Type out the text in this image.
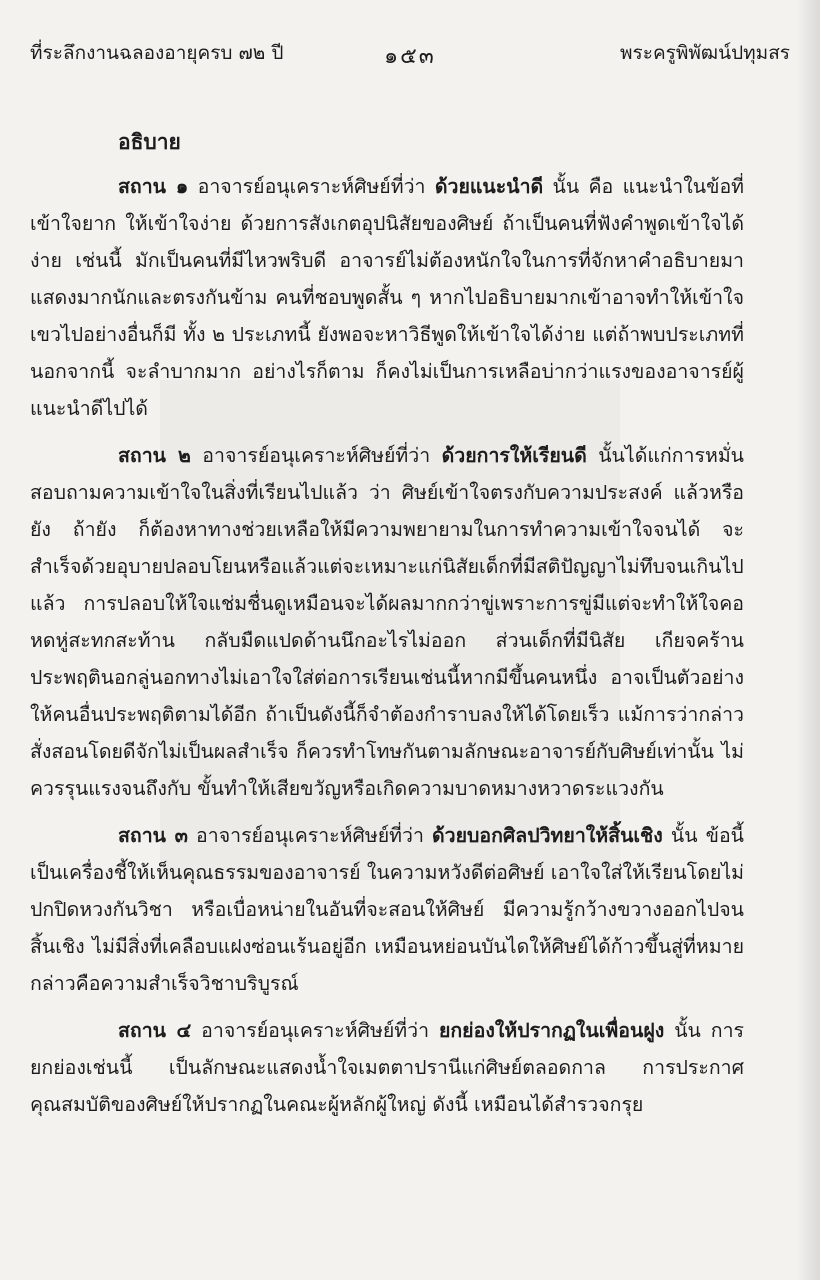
ที่ระลึกงานฉลองอายุครบ ๗๒ ปี	๑๕๓	พระครูพิพัฒน์ปทุมสร
อธิบาย

สถาน ๑ อาจารย์อนุเคราะห์ศิษย์ที่ว่า ด้วยแนะนำดี นั้น คือ แนะนำในข้อที่เข้าใจยาก ให้เข้าใจง่าย ด้วยการสังเกตอุปนิสัยของศิษย์ ถ้าเป็นคนที่ฟังคำพูดเข้าใจได้ง่าย เช่นนี้ มักเป็นคนที่มีไหวพริบดี อาจารย์ไม่ต้องหนักใจในการที่จักหาคำอธิบายมาแสดงมากนักและตรงกันข้าม คนที่ชอบพูดสั้น ๆ หากไปอธิบายมากเข้าอาจทำให้เข้าใจเขวไปอย่างอื่นก็มี ทั้ง ๒ ประเภทนี้ ยังพอจะหาวิธีพูดให้เข้าใจได้ง่าย แต่ถ้าพบประเภทที่นอกจากนี้ จะลำบากมาก อย่างไรก็ตาม ก็คงไม่เป็นการเหลือบ่ากว่าแรงของอาจารย์ผู้แนะนำดีไปได้

สถาน ๒ อาจารย์อนุเคราะห์ศิษย์ที่ว่า ด้วยการให้เรียนดี นั้นได้แก่การหมั่นสอบถามความเข้าใจในสิ่งที่เรียนไปแล้ว ว่า ศิษย์เข้าใจตรงกับความประสงค์ แล้วหรือยัง ถ้ายัง ก็ต้องหาทางช่วยเหลือให้มีความพยายามในการทำความเข้าใจจนได้ จะสำเร็จด้วยอุบายปลอบโยนหรือแล้วแต่จะเหมาะแก่นิสัยเด็กที่มีสติปัญญาไม่ทึบจนเกินไปแล้ว การปลอบให้ใจแช่มชื่นดูเหมือนจะได้ผลมากกว่าขู่เพราะการขู่มีแต่จะทำให้ใจคอหดหู่สะทกสะท้าน กลับมืดแปดด้านนึกอะไรไม่ออก ส่วนเด็กที่มีนิสัย เกียจคร้าน ประพฤตินอกลู่นอกทางไม่เอาใจใส่ต่อการเรียนเช่นนี้หากมีขึ้นคนหนึ่ง อาจเป็นตัวอย่างให้คนอื่นประพฤติตามได้อีก ถ้าเป็นดังนี้ก็จำต้องกำราบลงให้ได้โดยเร็ว แม้การว่ากล่าวสั่งสอนโดยดีจักไม่เป็นผลสำเร็จ ก็ควรทำโทษกันตามลักษณะอาจารย์กับศิษย์เท่านั้น ไม่ควรรุนแรงจนถึงกับ ขั้นทำให้เสียขวัญหรือเกิดความบาดหมางหวาดระแวงกัน

สถาน ๓ อาจารย์อนุเคราะห์ศิษย์ที่ว่า ด้วยบอกศิลปวิทยาให้สิ้นเชิง นั้น ข้อนี้ เป็นเครื่องชี้ให้เห็นคุณธรรมของอาจารย์ ในความหวังดีต่อศิษย์ เอาใจใส่ให้เรียนโดยไม่ปกปิดหวงกันวิชา หรือเบื่อหน่ายในอันที่จะสอนให้ศิษย์ มีความรู้กว้างขวางออกไปจนสิ้นเชิง ไม่มีสิ่งที่เคลือบแฝงซ่อนเร้นอยู่อีก เหมือนหย่อนบันไดให้ศิษย์ได้ก้าวขึ้นสู่ที่หมาย กล่าวคือความสำเร็จวิชาบริบูรณ์

สถาน ๔ อาจารย์อนุเคราะห์ศิษย์ที่ว่า ยกย่องให้ปรากฏในเพื่อนฝูง นั้น การยกย่องเช่นนี้ เป็นลักษณะแสดงน้ำใจเมตตาปรานีแก่ศิษย์ตลอดกาล การประกาศคุณสมบัติของศิษย์ให้ปรากฏในคณะผู้หลักผู้ใหญ่ ดังนี้ เหมือนได้สำรวจกรุย
